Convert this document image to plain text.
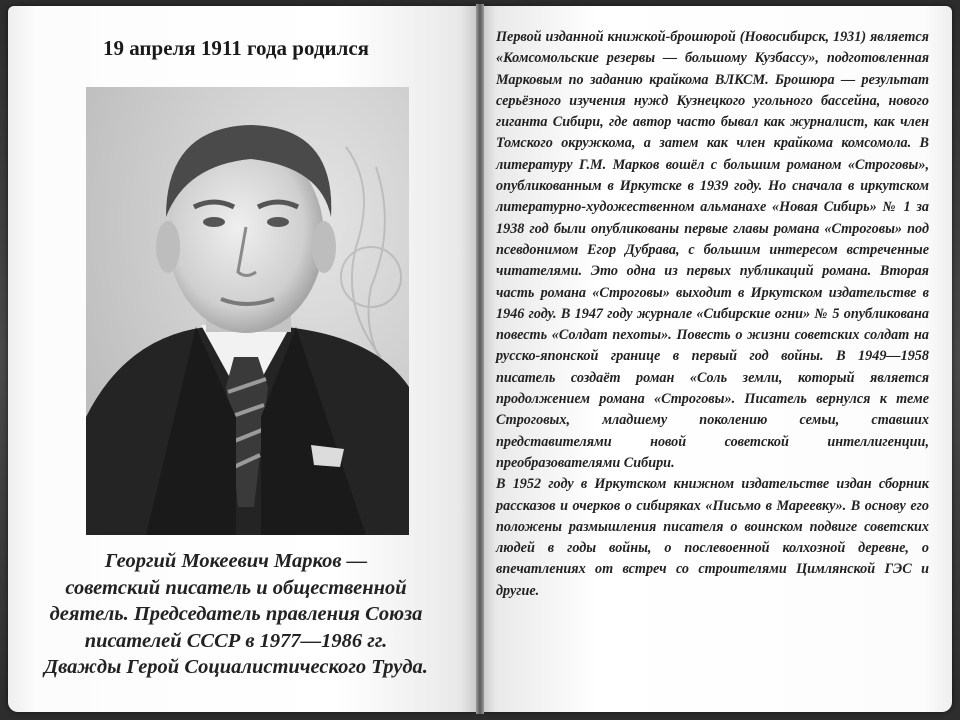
19 апреля 1911 года родился
Георгий Мокеевич Марков —
советский писатель и общественной
деятель. Председатель правления Союза
писателей СССР в 1977—1986 гг.
Дважды Герой Социалистического Труда.

Первой изданной книжкой-брошюрой (Новосибирск, 1931) является «Комсомольские резервы — большому Кузбассу», подготовленная Марковым по заданию крайкома ВЛКСМ. Брошюра — результат серьёзного изучения нужд Кузнецкого угольного бассейна, нового гиганта Сибири, где автор часто бывал как журналист, как член Томского окружкома, а затем как член крайкома комсомола. В литературу Г.М. Марков вошёл с большим романом «Строговы», опубликованным в Иркутске в 1939 году. Но сначала в иркутском литературно-художественном альманахе «Новая Сибирь» № 1 за 1938 год были опубликованы первые главы романа «Строговы» под псевдонимом Егор Дубрава, с большим интересом встреченные читателями. Это одна из первых публикаций романа. Вторая часть романа «Строговы» выходит в Иркутском издательстве в 1946 году. В 1947 году журнале «Сибирские огни» № 5 опубликована повесть «Солдат пехоты». Повесть о жизни советских солдат на русско-японской границе в первый год войны. В 1949—1958 писатель создаёт роман «Соль земли, который является продолжением романа «Строговы». Писатель вернулся к теме Строговых, младшему поколению семьи, ставших представителями новой советской интеллигенции, преобразователями Сибири.

В 1952 году в Иркутском книжном издательстве издан сборник рассказов и очерков о сибиряках «Письмо в Мареевку». В основу его положены размышления писателя о воинском подвиге советских людей в годы войны, о послевоенной колхозной деревне, о впечатлениях от встреч со строителями Цимлянской ГЭС и другие.
